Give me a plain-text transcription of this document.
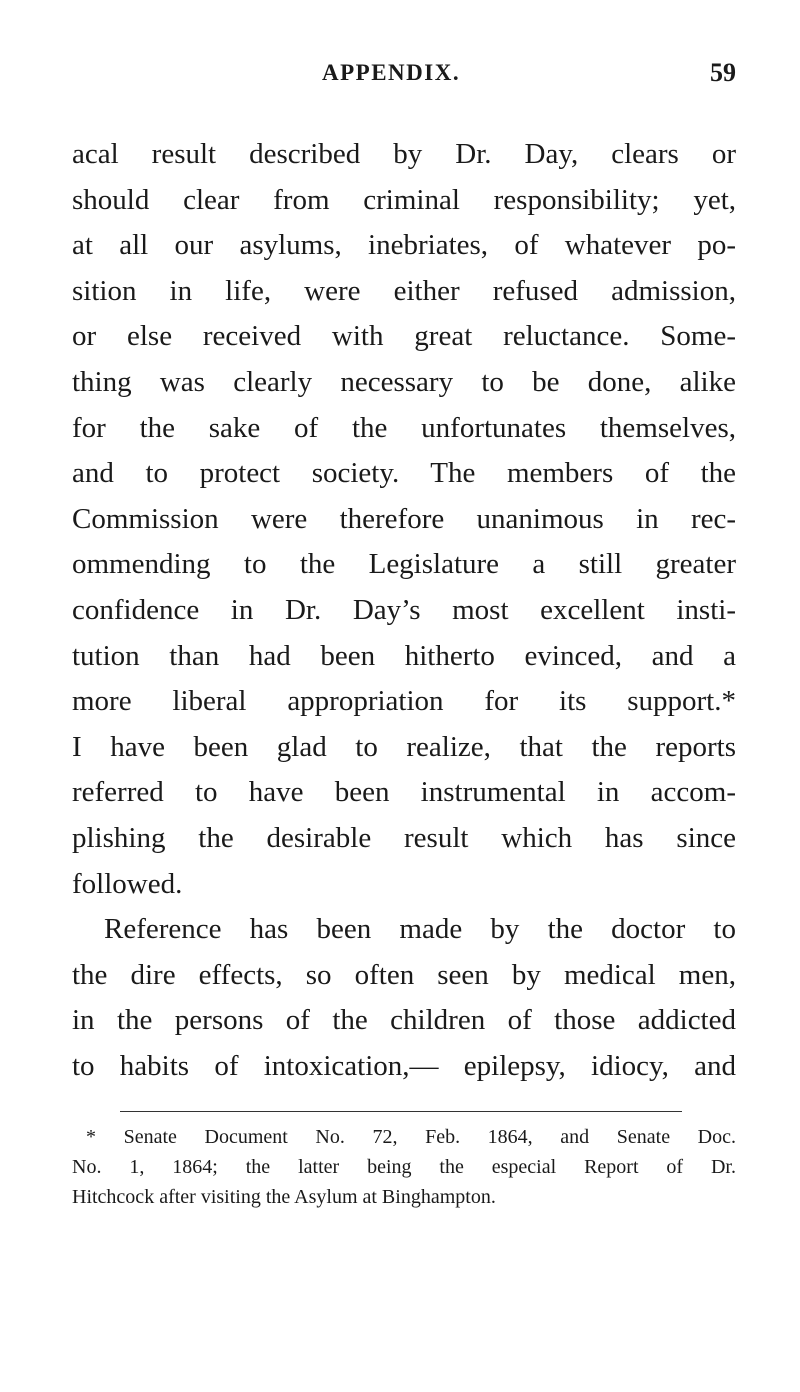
APPENDIX.	59
acal result described by Dr. Day, clears or
should clear from criminal responsibility; yet,
at all our asylums, inebriates, of whatever po-
sition in life, were either refused admission,
or else received with great reluctance. Some-
thing was clearly necessary to be done, alike
for the sake of the unfortunates themselves,
and to protect society. The members of the
Commission were therefore unanimous in rec-
ommending to the Legislature a still greater
confidence in Dr. Day’s most excellent insti-
tution than had been hitherto evinced, and a
more liberal appropriation for its support.*
I have been glad to realize, that the reports
referred to have been instrumental in accom-
plishing the desirable result which has since
followed.
Reference has been made by the doctor to
the dire effects, so often seen by medical men,
in the persons of the children of those addicted
to habits of intoxication,— epilepsy, idiocy, and
* Senate Document No. 72, Feb. 1864, and Senate Doc.
No. 1, 1864; the latter being the especial Report of Dr.
Hitchcock after visiting the Asylum at Binghampton.
